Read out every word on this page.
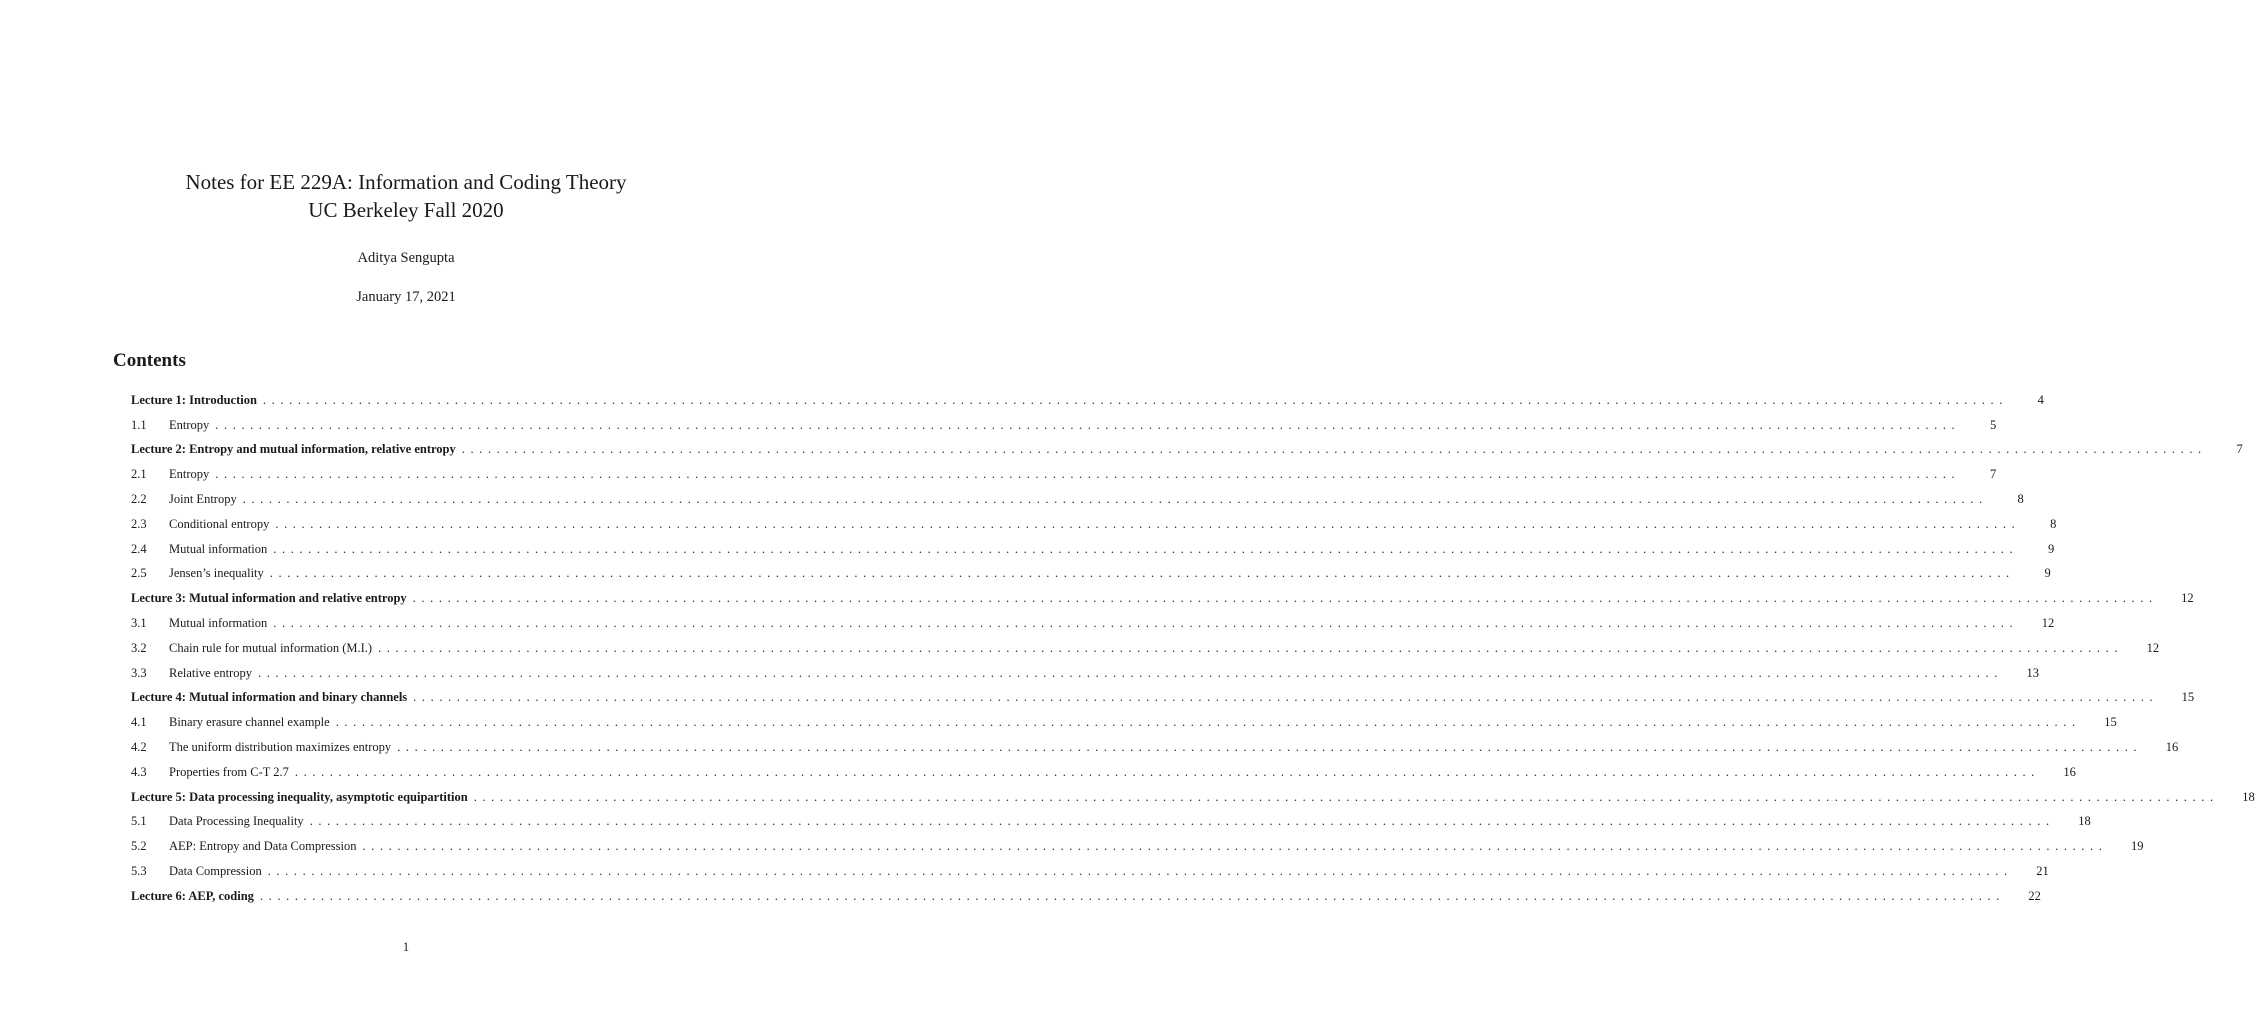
Notes for EE 229A: Information and Coding Theory

UC Berkeley Fall 2020

Aditya Sengupta
January 17, 2021
Contents
Lecture 1: Introduction ........................................................................................................................................................................................................	4
1.1	Entropy ........................................................................................................................................................................................................	5
Lecture 2: Entropy and mutual information, relative entropy ........................................................................................................................................................................................................	7
2.1	Entropy ........................................................................................................................................................................................................	7
2.2	Joint Entropy ........................................................................................................................................................................................................	8
2.3	Conditional entropy ........................................................................................................................................................................................................	8
2.4	Mutual information ........................................................................................................................................................................................................	9
2.5	Jensen’s inequality ........................................................................................................................................................................................................	9
Lecture 3: Mutual information and relative entropy ........................................................................................................................................................................................................	12
3.1	Mutual information ........................................................................................................................................................................................................	12
3.2	Chain rule for mutual information (M.I.) ........................................................................................................................................................................................................	12
3.3	Relative entropy ........................................................................................................................................................................................................	13
Lecture 4: Mutual information and binary channels ........................................................................................................................................................................................................	15
4.1	Binary erasure channel example ........................................................................................................................................................................................................	15
4.2	The uniform distribution maximizes entropy ........................................................................................................................................................................................................	16
4.3	Properties from C-T 2.7 ........................................................................................................................................................................................................	16
Lecture 5: Data processing inequality, asymptotic equipartition ........................................................................................................................................................................................................	18
5.1	Data Processing Inequality ........................................................................................................................................................................................................	18
5.2	AEP: Entropy and Data Compression ........................................................................................................................................................................................................	19
5.3	Data Compression ........................................................................................................................................................................................................	21
Lecture 6: AEP, coding ........................................................................................................................................................................................................	22
1
